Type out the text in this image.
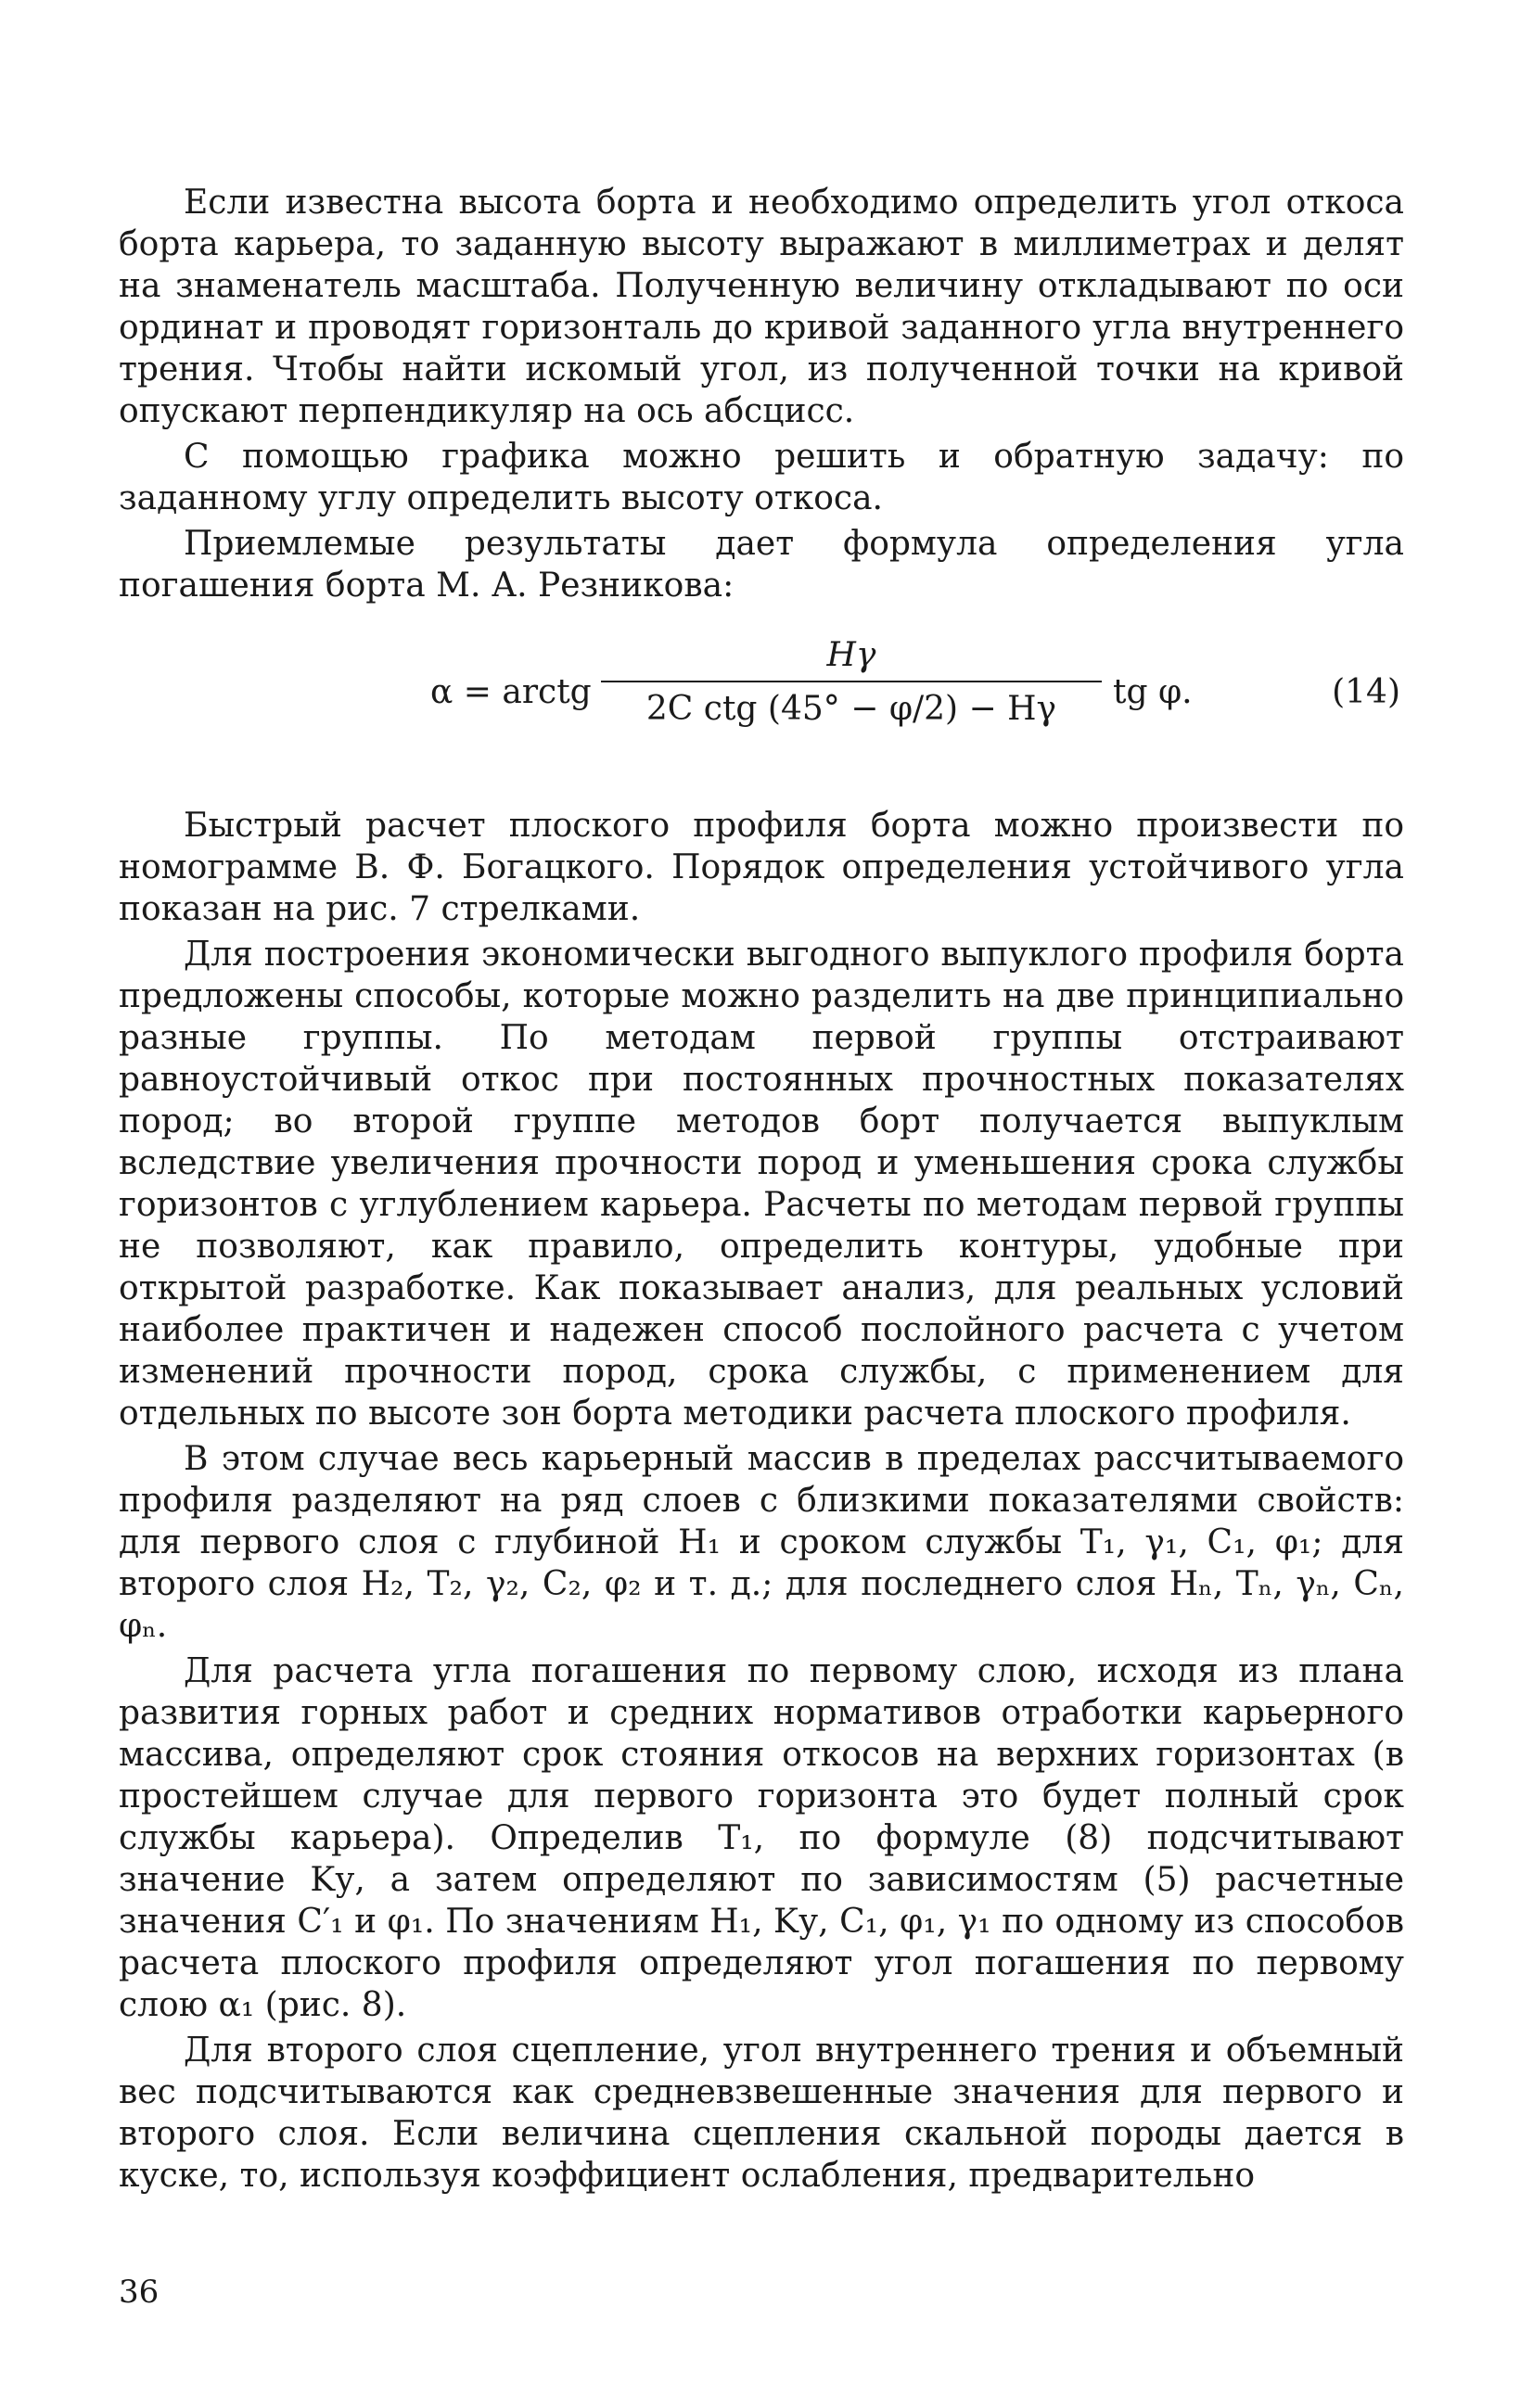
Если известна высота борта и необходимо определить угол откоса борта карьера, то заданную высоту выражают в миллиметрах и делят на знаменатель масштаба. Полученную величину откладывают по оси ординат и проводят горизонталь до кривой заданного угла внутреннего трения. Чтобы найти искомый угол, из полученной точки на кривой опускают перпендикуляр на ось абсцисс.

С помощью графика можно решить и обратную задачу: по заданному углу определить высоту откоса.

Приемлемые результаты дает формула определения угла погашения борта М. А. Резникова:

α = arctg
Hγ
2C ctg (45° − φ/2) − Hγ	tg φ.	(14)

Быстрый расчет плоского профиля борта можно произвести по номограмме В. Ф. Богацкого. Порядок определения устойчивого угла показан на рис. 7 стрелками.

Для построения экономически выгодного выпуклого профиля борта предложены способы, которые можно разделить на две принципиально разные группы. По методам первой группы отстраивают равноустойчивый откос при постоянных прочностных показателях пород; во второй группе методов борт получается выпуклым вследствие увеличения прочности пород и уменьшения срока службы горизонтов с углублением карьера. Расчеты по методам первой группы не позволяют, как правило, определить контуры, удобные при открытой разработке. Как показывает анализ, для реальных условий наиболее практичен и надежен способ послойного расчета с учетом изменений прочности пород, срока службы, с применением для отдельных по высоте зон борта методики расчета плоского профиля.

В этом случае весь карьерный массив в пределах рассчитываемого профиля разделяют на ряд слоев с близкими показателями свойств: для первого слоя с глубиной H₁ и сроком службы T₁, γ₁, C₁, φ₁; для второго слоя H₂, T₂, γ₂, C₂, φ₂ и т. д.; для последнего слоя Hₙ, Tₙ, γₙ, Cₙ, φₙ.

Для расчета угла погашения по первому слою, исходя из плана развития горных работ и средних нормативов отработки карьерного массива, определяют срок стояния откосов на верхних горизонтах (в простейшем случае для первого горизонта это будет полный срок службы карьера). Определив T₁, по формуле (8) подсчитывают значение Kу, а затем определяют по зависимостям (5) расчетные значения C′₁ и φ₁. По значениям H₁, Kу, C₁, φ₁, γ₁ по одному из способов расчета плоского профиля определяют угол погашения по первому слою α₁ (рис. 8).

Для второго слоя сцепление, угол внутреннего трения и объемный вес подсчитываются как средневзвешенные значения для первого и второго слоя. Если величина сцепления скальной породы дается в куске, то, используя коэффициент ослабления, предварительно

36
